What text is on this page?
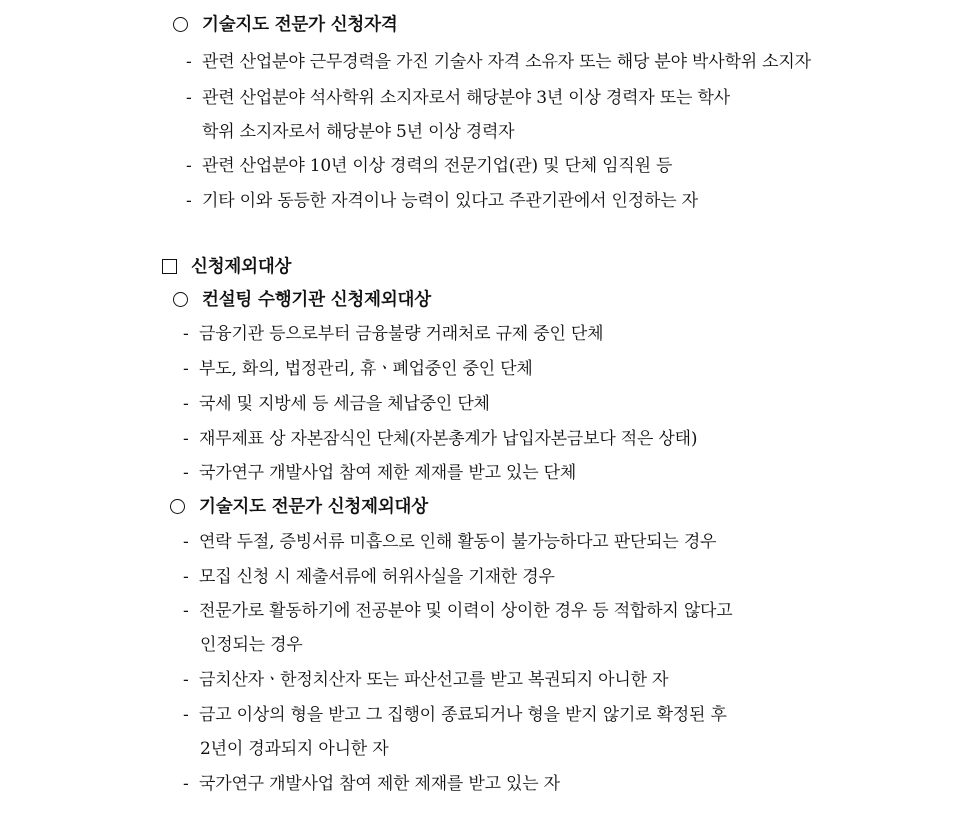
기술지도 전문가 신청자격
- 관련 산업분야 근무경력을 가진 기술사 자격 소유자 또는 해당 분야 박사학위 소지자
- 관련 산업분야 석사학위 소지자로서 해당분야 3년 이상 경력자 또는 학사
학위 소지자로서 해당분야 5년 이상 경력자
- 관련 산업분야 10년 이상 경력의 전문기업(관) 및 단체 임직원 등
- 기타 이와 동등한 자격이나 능력이 있다고 주관기관에서 인정하는 자
신청제외대상
컨설팅 수행기관 신청제외대상
- 금융기관 등으로부터 금융불량 거래처로 규제 중인 단체
- 부도, 화의, 법정관리, 휴ㆍ폐업중인 중인 단체
- 국세 및 지방세 등 세금을 체납중인 단체
- 재무제표 상 자본잠식인 단체(자본총계가 납입자본금보다 적은 상태)
- 국가연구 개발사업 참여 제한 제재를 받고 있는 단체
기술지도 전문가 신청제외대상
- 연락 두절, 증빙서류 미흡으로 인해 활동이 불가능하다고 판단되는 경우
- 모집 신청 시 제출서류에 허위사실을 기재한 경우
- 전문가로 활동하기에 전공분야 및 이력이 상이한 경우 등 적합하지 않다고
인정되는 경우
- 금치산자ㆍ한정치산자 또는 파산선고를 받고 복권되지 아니한 자
- 금고 이상의 형을 받고 그 집행이 종료되거나 형을 받지 않기로 확정된 후
2년이 경과되지 아니한 자
- 국가연구 개발사업 참여 제한 제재를 받고 있는 자
